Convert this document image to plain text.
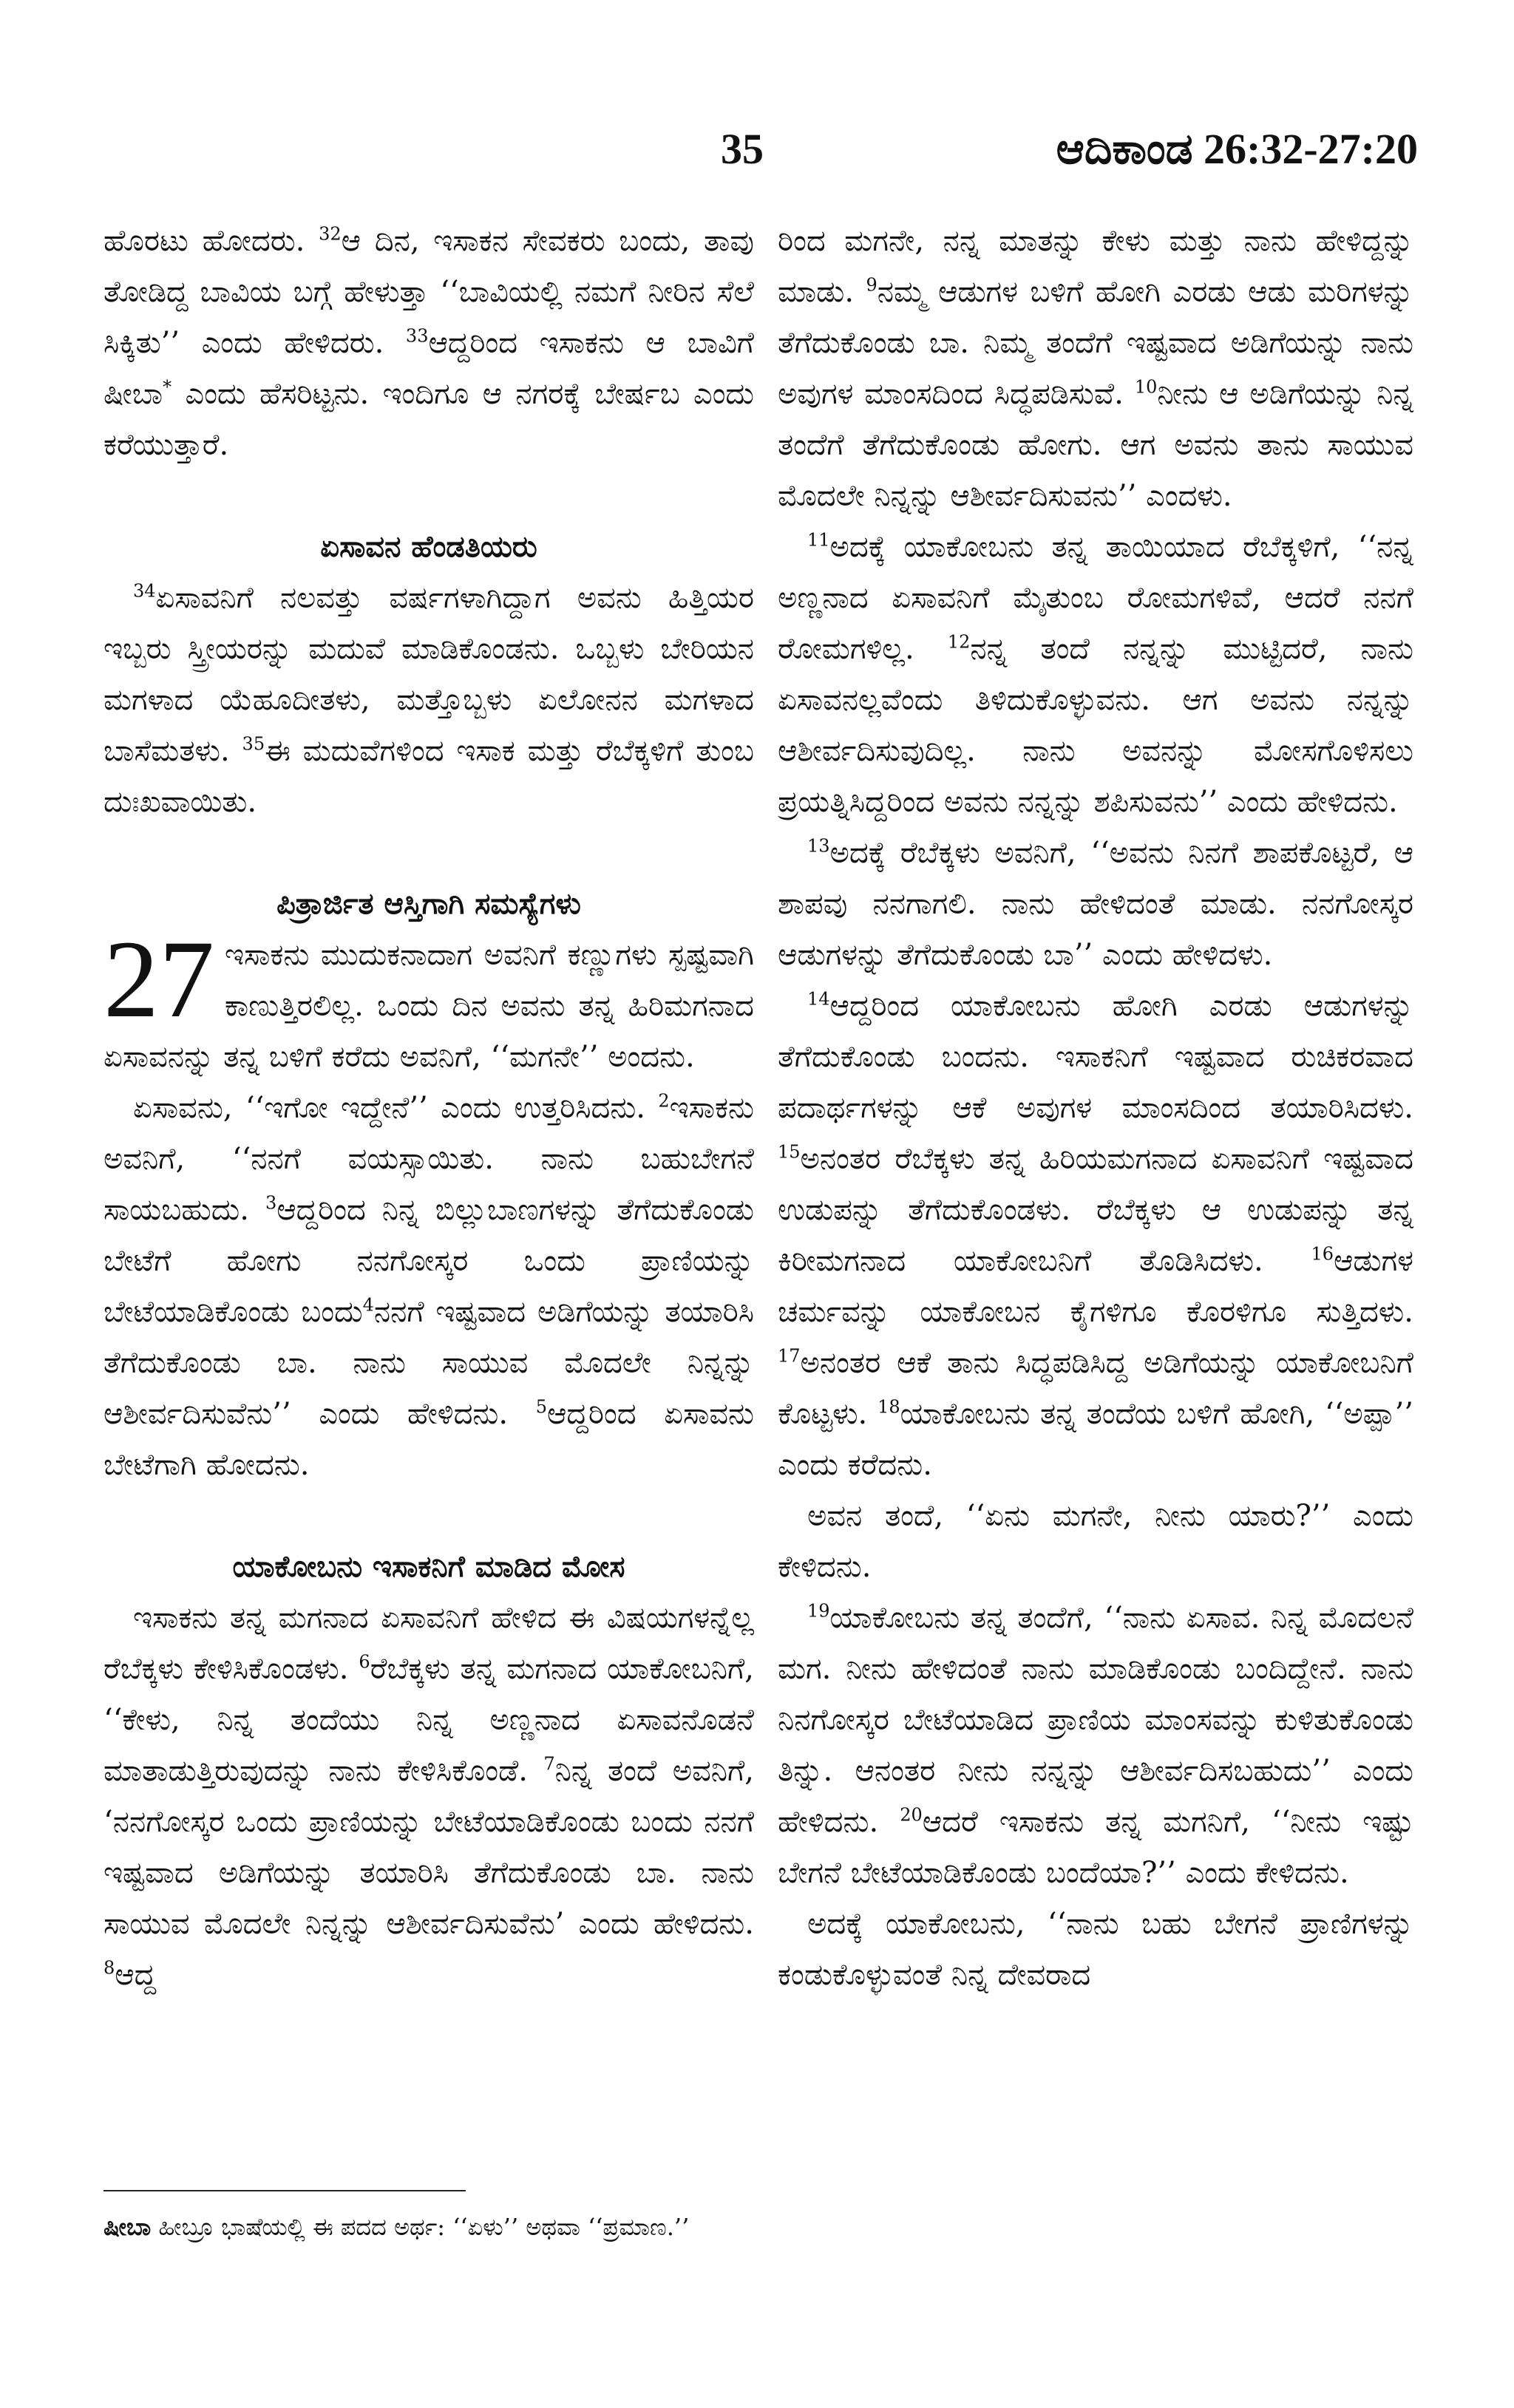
35	ಆದಿಕಾಂಡ 26:32-27:20

ಹೊರಟು ಹೋದರು. $^{32}$ಆ ದಿನ, ಇಸಾಕನ ಸೇವಕರು ಬಂದು, ತಾವು ತೋಡಿದ್ದ ಬಾವಿಯ ಬಗ್ಗೆ ಹೇಳುತ್ತಾ ‘‘ಬಾವಿಯಲ್ಲಿ ನಮಗೆ ನೀರಿನ ಸೆಲೆ ಸಿಕ್ಕಿತು’’ ಎಂದು ಹೇಳಿದರು. $^{33}$ಆದ್ದರಿಂದ ಇಸಾಕನು ಆ ಬಾವಿಗೆ ಷೀಬಾ* ಎಂದು ಹೆಸರಿಟ್ಟನು. ಇಂದಿಗೂ ಆ ನಗರಕ್ಕೆ ಬೇರ್ಷಬ ಎಂದು ಕರೆಯುತ್ತಾರೆ.

ಏಸಾವನ ಹೆಂಡತಿಯರು

$^{34}$ಏಸಾವನಿಗೆ ನಲವತ್ತು ವರ್ಷಗಳಾಗಿದ್ದಾಗ ಅವನು ಹಿತ್ತಿಯರ ಇಬ್ಬರು ಸ್ತ್ರೀಯರನ್ನು ಮದುವೆ ಮಾಡಿಕೊಂಡನು. ಒಬ್ಬಳು ಬೇರಿಯನ ಮಗಳಾದ ಯೆಹೂದೀತಳು, ಮತ್ತೊಬ್ಬಳು ಏಲೋನನ ಮಗಳಾದ ಬಾಸೆಮತಳು. $^{35}$ಈ ಮದುವೆಗಳಿಂದ ಇಸಾಕ ಮತ್ತು ರೆಬೆಕ್ಕಳಿಗೆ ತುಂಬ ದುಃಖವಾಯಿತು.

ಪಿತ್ರಾರ್ಜಿತ ಆಸ್ತಿಗಾಗಿ ಸಮಸ್ಯೆಗಳು

27 ಇಸಾಕನು ಮುದುಕನಾದಾಗ ಅವನಿಗೆ ಕಣ್ಣುಗಳು ಸ್ಪಷ್ಟವಾಗಿ ಕಾಣುತ್ತಿರಲಿಲ್ಲ. ಒಂದು ದಿನ ಅವನು ತನ್ನ ಹಿರಿಮಗನಾದ ಏಸಾವನನ್ನು ತನ್ನ ಬಳಿಗೆ ಕರೆದು ಅವನಿಗೆ, ‘‘ಮಗನೇ’’ ಅಂದನು.

ಏಸಾವನು, ‘‘ಇಗೋ ಇದ್ದೇನೆ’’ ಎಂದು ಉತ್ತರಿಸಿದನು. $^2$ಇಸಾಕನು ಅವನಿಗೆ, ‘‘ನನಗೆ ವಯಸ್ಸಾಯಿತು. ನಾನು ಬಹುಬೇಗನೆ ಸಾಯಬಹುದು. $^3$ಆದ್ದರಿಂದ ನಿನ್ನ ಬಿಲ್ಲುಬಾಣಗಳನ್ನು ತೆಗೆದುಕೊಂಡು ಬೇಟೆಗೆ ಹೋಗು ನನಗೋಸ್ಕರ ಒಂದು ಪ್ರಾಣಿಯನ್ನು ಬೇಟೆಯಾಡಿಕೊಂಡು ಬಂದು$^4$ನನಗೆ ಇಷ್ಟವಾದ ಅಡಿಗೆಯನ್ನು ತಯಾರಿಸಿ ತೆಗೆದುಕೊಂಡು ಬಾ. ನಾನು ಸಾಯುವ ಮೊದಲೇ ನಿನ್ನನ್ನು ಆಶೀರ್ವದಿಸುವೆನು’’ ಎಂದು ಹೇಳಿದನು. $^5$ಆದ್ದರಿಂದ ಏಸಾವನು ಬೇಟೆಗಾಗಿ ಹೋದನು.

ಯಾಕೋಬನು ಇಸಾಕನಿಗೆ ಮಾಡಿದ ಮೋಸ

ಇಸಾಕನು ತನ್ನ ಮಗನಾದ ಏಸಾವನಿಗೆ ಹೇಳಿದ ಈ ವಿಷಯಗಳನ್ನೆಲ್ಲ ರೆಬೆಕ್ಕಳು ಕೇಳಿಸಿಕೊಂಡಳು. $^6$ರೆಬೆಕ್ಕಳು ತನ್ನ ಮಗನಾದ ಯಾಕೋಬನಿಗೆ, ‘‘ಕೇಳು, ನಿನ್ನ ತಂದೆಯು ನಿನ್ನ ಅಣ್ಣನಾದ ಏಸಾವನೊಡನೆ ಮಾತಾಡುತ್ತಿರುವುದನ್ನು ನಾನು ಕೇಳಿಸಿಕೊಂಡೆ. $^7$ನಿನ್ನ ತಂದೆ ಅವನಿಗೆ, ‘ನನಗೋಸ್ಕರ ಒಂದು ಪ್ರಾಣಿಯನ್ನು ಬೇಟೆಯಾಡಿಕೊಂಡು ಬಂದು ನನಗೆ ಇಷ್ಟವಾದ ಅಡಿಗೆಯನ್ನು ತಯಾರಿಸಿ ತೆಗೆದುಕೊಂಡು ಬಾ. ನಾನು ಸಾಯುವ ಮೊದಲೇ ನಿನ್ನನ್ನು ಆಶೀರ್ವದಿಸುವೆನು’ ಎಂದು ಹೇಳಿದನು. $^8$ಆದ್ದ

ರಿಂದ ಮಗನೇ, ನನ್ನ ಮಾತನ್ನು ಕೇಳು ಮತ್ತು ನಾನು ಹೇಳಿದ್ದನ್ನು ಮಾಡು. $^9$ನಮ್ಮ ಆಡುಗಳ ಬಳಿಗೆ ಹೋಗಿ ಎರಡು ಆಡು ಮರಿಗಳನ್ನು ತೆಗೆದುಕೊಂಡು ಬಾ. ನಿಮ್ಮ ತಂದೆಗೆ ಇಷ್ಟವಾದ ಅಡಿಗೆಯನ್ನು ನಾನು ಅವುಗಳ ಮಾಂಸದಿಂದ ಸಿದ್ಧಪಡಿಸುವೆ. $^{10}$ನೀನು ಆ ಅಡಿಗೆಯನ್ನು ನಿನ್ನ ತಂದೆಗೆ ತೆಗೆದುಕೊಂಡು ಹೋಗು. ಆಗ ಅವನು ತಾನು ಸಾಯುವ ಮೊದಲೇ ನಿನ್ನನ್ನು ಆಶೀರ್ವದಿಸುವನು’’ ಎಂದಳು.

$^{11}$ಅದಕ್ಕೆ ಯಾಕೋಬನು ತನ್ನ ತಾಯಿಯಾದ ರೆಬೆಕ್ಕಳಿಗೆ, ‘‘ನನ್ನ ಅಣ್ಣನಾದ ಏಸಾವನಿಗೆ ಮೈತುಂಬ ರೋಮಗಳಿವೆ, ಆದರೆ ನನಗೆ ರೋಮಗಳಿಲ್ಲ. $^{12}$ನನ್ನ ತಂದೆ ನನ್ನನ್ನು ಮುಟ್ಟಿದರೆ, ನಾನು ಏಸಾವನಲ್ಲವೆಂದು ತಿಳಿದುಕೊಳ್ಳುವನು. ಆಗ ಅವನು ನನ್ನನ್ನು ಆಶೀರ್ವದಿಸುವುದಿಲ್ಲ. ನಾನು ಅವನನ್ನು ಮೋಸಗೊಳಿಸಲು ಪ್ರಯತ್ನಿಸಿದ್ದರಿಂದ ಅವನು ನನ್ನನ್ನು ಶಪಿಸುವನು’’ ಎಂದು ಹೇಳಿದನು.

$^{13}$ಅದಕ್ಕೆ ರೆಬೆಕ್ಕಳು ಅವನಿಗೆ, ‘‘ಅವನು ನಿನಗೆ ಶಾಪಕೊಟ್ಟರೆ, ಆ ಶಾಪವು ನನಗಾಗಲಿ. ನಾನು ಹೇಳಿದಂತೆ ಮಾಡು. ನನಗೋಸ್ಕರ ಆಡುಗಳನ್ನು ತೆಗೆದುಕೊಂಡು ಬಾ’’ ಎಂದು ಹೇಳಿದಳು.

$^{14}$ಆದ್ದರಿಂದ ಯಾಕೋಬನು ಹೋಗಿ ಎರಡು ಆಡುಗಳನ್ನು ತೆಗೆದುಕೊಂಡು ಬಂದನು. ಇಸಾಕನಿಗೆ ಇಷ್ಟವಾದ ರುಚಿಕರವಾದ ಪದಾರ್ಥಗಳನ್ನು ಆಕೆ ಅವುಗಳ ಮಾಂಸದಿಂದ ತಯಾರಿಸಿದಳು. $^{15}$ಅನಂತರ ರೆಬೆಕ್ಕಳು ತನ್ನ ಹಿರಿಯಮಗನಾದ ಏಸಾವನಿಗೆ ಇಷ್ಟವಾದ ಉಡುಪನ್ನು ತೆಗೆದುಕೊಂಡಳು. ರೆಬೆಕ್ಕಳು ಆ ಉಡುಪನ್ನು ತನ್ನ ಕಿರೀಮಗನಾದ ಯಾಕೋಬನಿಗೆ ತೊಡಿಸಿದಳು. $^{16}$ಆಡುಗಳ ಚರ್ಮವನ್ನು ಯಾಕೋಬನ ಕೈಗಳಿಗೂ ಕೊರಳಿಗೂ ಸುತ್ತಿದಳು. $^{17}$ಅನಂತರ ಆಕೆ ತಾನು ಸಿದ್ಧಪಡಿಸಿದ್ದ ಅಡಿಗೆಯನ್ನು ಯಾಕೋಬನಿಗೆ ಕೊಟ್ಟಳು. $^{18}$ಯಾಕೋಬನು ತನ್ನ ತಂದೆಯ ಬಳಿಗೆ ಹೋಗಿ, ‘‘ಅಪ್ಪಾ’’ ಎಂದು ಕರೆದನು.

ಅವನ ತಂದೆ, ‘‘ಏನು ಮಗನೇ, ನೀನು ಯಾರು?’’ ಎಂದು ಕೇಳಿದನು.

$^{19}$ಯಾಕೋಬನು ತನ್ನ ತಂದೆಗೆ, ‘‘ನಾನು ಏಸಾವ. ನಿನ್ನ ಮೊದಲನೆ ಮಗ. ನೀನು ಹೇಳಿದಂತೆ ನಾನು ಮಾಡಿಕೊಂಡು ಬಂದಿದ್ದೇನೆ. ನಾನು ನಿನಗೋಸ್ಕರ ಬೇಟೆಯಾಡಿದ ಪ್ರಾಣಿಯ ಮಾಂಸವನ್ನು ಕುಳಿತುಕೊಂಡು ತಿನ್ನು. ಆನಂತರ ನೀನು ನನ್ನನ್ನು ಆಶೀರ್ವದಿಸಬಹುದು’’ ಎಂದು ಹೇಳಿದನು. $^{20}$ಆದರೆ ಇಸಾಕನು ತನ್ನ ಮಗನಿಗೆ, ‘‘ನೀನು ಇಷ್ಟು ಬೇಗನೆ ಬೇಟೆಯಾಡಿಕೊಂಡು ಬಂದೆಯಾ?’’ ಎಂದು ಕೇಳಿದನು.

ಅದಕ್ಕೆ ಯಾಕೋಬನು, ‘‘ನಾನು ಬಹು ಬೇಗನೆ ಪ್ರಾಣಿಗಳನ್ನು ಕಂಡುಕೊಳ್ಳುವಂತೆ ನಿನ್ನ ದೇವರಾದ

ಷೀಬಾ ಹೀಬ್ರೂ ಭಾಷೆಯಲ್ಲಿ ಈ ಪದದ ಅರ್ಥ: ‘‘ಏಳು’’ ಅಥವಾ ‘‘ಪ್ರಮಾಣ.’’
